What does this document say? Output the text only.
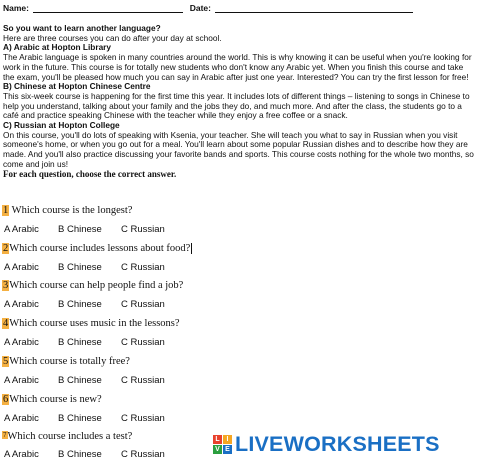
Name:	Date:

So you want to learn another language?

Here are three courses you can do after your day at school.

A) Arabic at Hopton Library

The Arabic language is spoken in many countries around the world. This is why knowing it can be useful when you're looking for work in the future. This course is for totally new students who don't know any Arabic yet. When you finish this course and take the exam, you'll be pleased how much you can say in Arabic after just one year. Interested? You can try the first lesson for free!

B) Chinese at Hopton Chinese Centre

This six-week course is happening for the first time this year. It includes lots of different things – listening to songs in Chinese to help you understand, talking about your family and the jobs they do, and much more. And after the class, the students go to a café and practice speaking Chinese with the teacher while they enjoy a free coffee or a snack.

C) Russian at Hopton College

On this course, you'll do lots of speaking with Ksenia, your teacher. She will teach you what to say in Russian when you visit someone's home, or when you go out for a meal. You'll learn about some popular Russian dishes and to describe how they are made. And you'll also practice discussing your favorite bands and sports. This course costs nothing for the whole two months, so come and join us!

For each question, choose the correct answer.

1 Which course is the longest?
A Arabic B Chinese C Russian
2Which course includes lessons about food?
A Arabic B Chinese C Russian
3Which course can help people find a job?
A Arabic B Chinese C Russian
4Which course uses music in the lessons?
A Arabic B Chinese C Russian
5Which course is totally free?
A Arabic B Chinese C Russian
6Which course is new?
A Arabic B Chinese C Russian
$^7$Which course includes a test?
A Arabic B Chinese C Russian
L I
V E LIVEWORKSHEETS
